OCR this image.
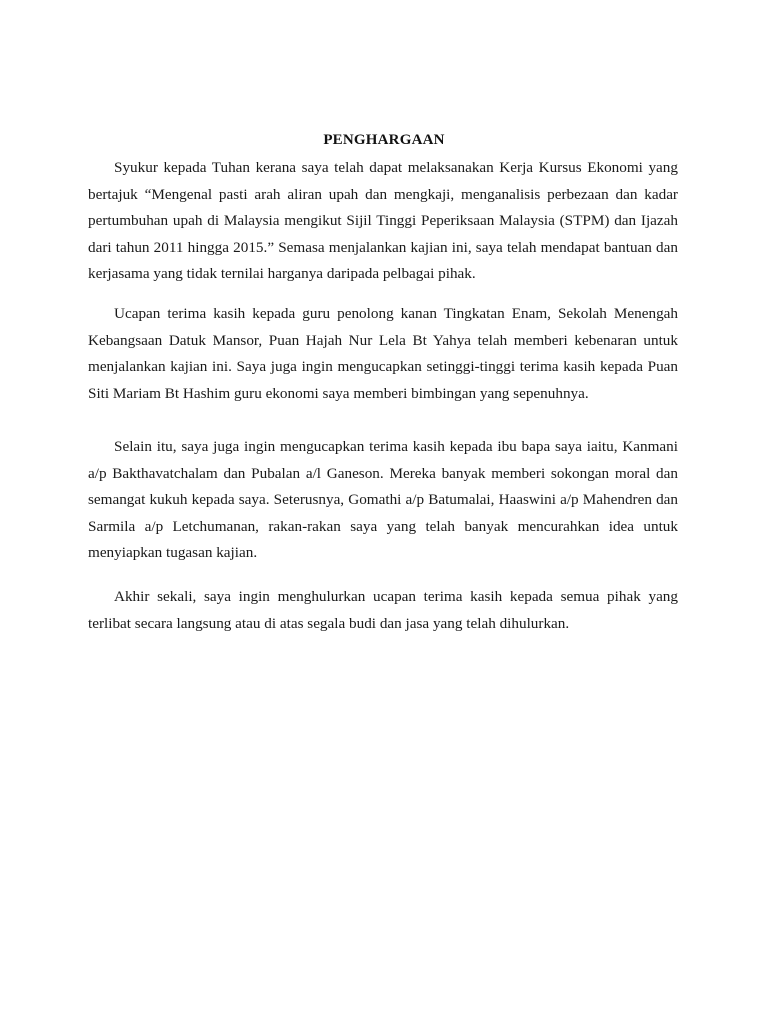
PENGHARGAAN

Syukur kepada Tuhan kerana saya telah dapat melaksanakan Kerja Kursus Ekonomi yang bertajuk “Mengenal pasti arah aliran upah dan mengkaji, menganalisis perbezaan dan kadar pertumbuhan upah di Malaysia mengikut Sijil Tinggi Peperiksaan Malaysia (STPM) dan Ijazah dari tahun 2011 hingga 2015.” Semasa menjalankan kajian ini, saya telah mendapat bantuan dan kerjasama yang tidak ternilai harganya daripada pelbagai pihak.

Ucapan terima kasih kepada guru penolong kanan Tingkatan Enam, Sekolah Menengah Kebangsaan Datuk Mansor, Puan Hajah Nur Lela Bt Yahya telah memberi kebenaran untuk menjalankan kajian ini. Saya juga ingin mengucapkan setinggi-tinggi terima kasih kepada Puan Siti Mariam Bt Hashim guru ekonomi saya memberi bimbingan yang sepenuhnya.

Selain itu, saya juga ingin mengucapkan terima kasih kepada ibu bapa saya iaitu, Kanmani a/p Bakthavatchalam dan Pubalan a/l Ganeson. Mereka banyak memberi sokongan moral dan semangat kukuh kepada saya. Seterusnya, Gomathi a/p Batumalai, Haaswini a/p Mahendren dan Sarmila a/p Letchumanan, rakan-rakan saya yang telah banyak mencurahkan idea untuk menyiapkan tugasan kajian.

Akhir sekali, saya ingin menghulurkan ucapan terima kasih kepada semua pihak yang terlibat secara langsung atau di atas segala budi dan jasa yang telah dihulurkan.
